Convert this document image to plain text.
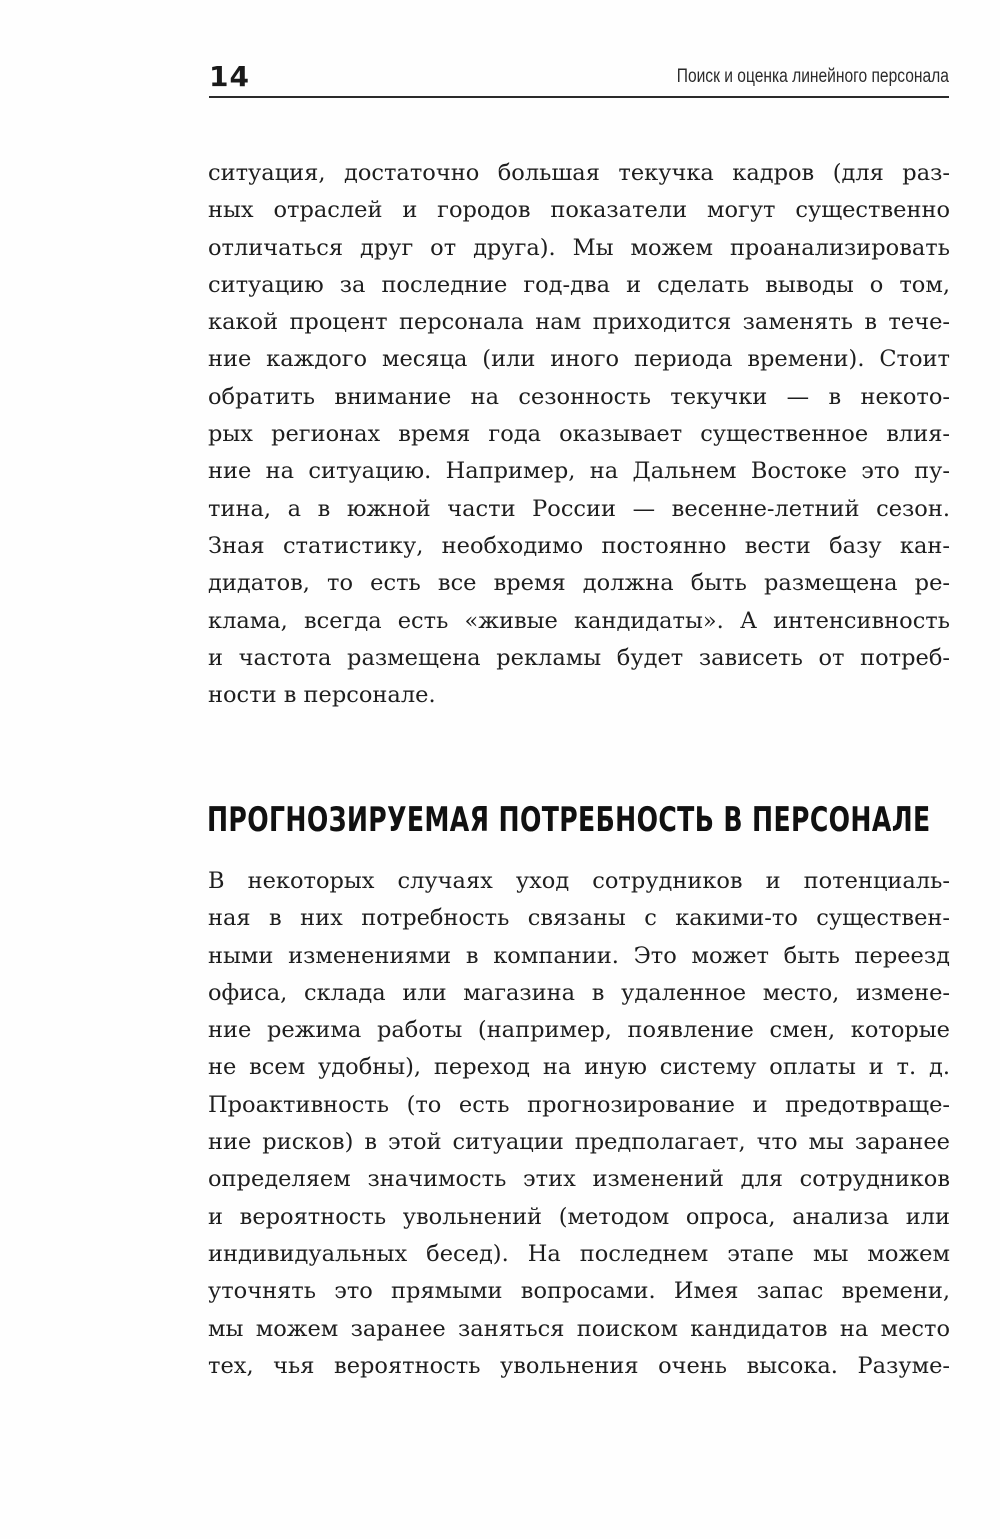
14	Поиск и оценка линейного персонала
ситуация, достаточно большая текучка кадров (для раз-
ных отраслей и городов показатели могут существенно
отличаться друг от друга). Мы можем проанализировать
ситуацию за последние год-два и сделать выводы о том,
какой процент персонала нам приходится заменять в тече-
ние каждого месяца (или иного периода времени). Стоит
обратить внимание на сезонность текучки — в некото-
рых регионах время года оказывает существенное влия-
ние на ситуацию. Например, на Дальнем Востоке это пу-
тина, а в южной части России — весенне-летний сезон.
Зная статистику, необходимо постоянно вести базу кан-
дидатов, то есть все время должна быть размещена ре-
клама, всегда есть «живые кандидаты». А интенсивность
и частота размещена рекламы будет зависеть от потреб-
ности в персонале.
ПРОГНОЗИРУЕМАЯ ПОТРЕБНОСТЬ В ПЕРСОНАЛЕ
В некоторых случаях уход сотрудников и потенциаль-
ная в них потребность связаны с какими-то существен-
ными изменениями в компании. Это может быть переезд
офиса, склада или магазина в удаленное место, измене-
ние режима работы (например, появление смен, которые
не всем удобны), переход на иную систему оплаты и т. д.
Проактивность (то есть прогнозирование и предотвраще-
ние рисков) в этой ситуации предполагает, что мы заранее
определяем значимость этих изменений для сотрудников
и вероятность увольнений (методом опроса, анализа или
индивидуальных бесед). На последнем этапе мы можем
уточнять это прямыми вопросами. Имея запас времени,
мы можем заранее заняться поиском кандидатов на место
тех, чья вероятность увольнения очень высока. Разуме-
